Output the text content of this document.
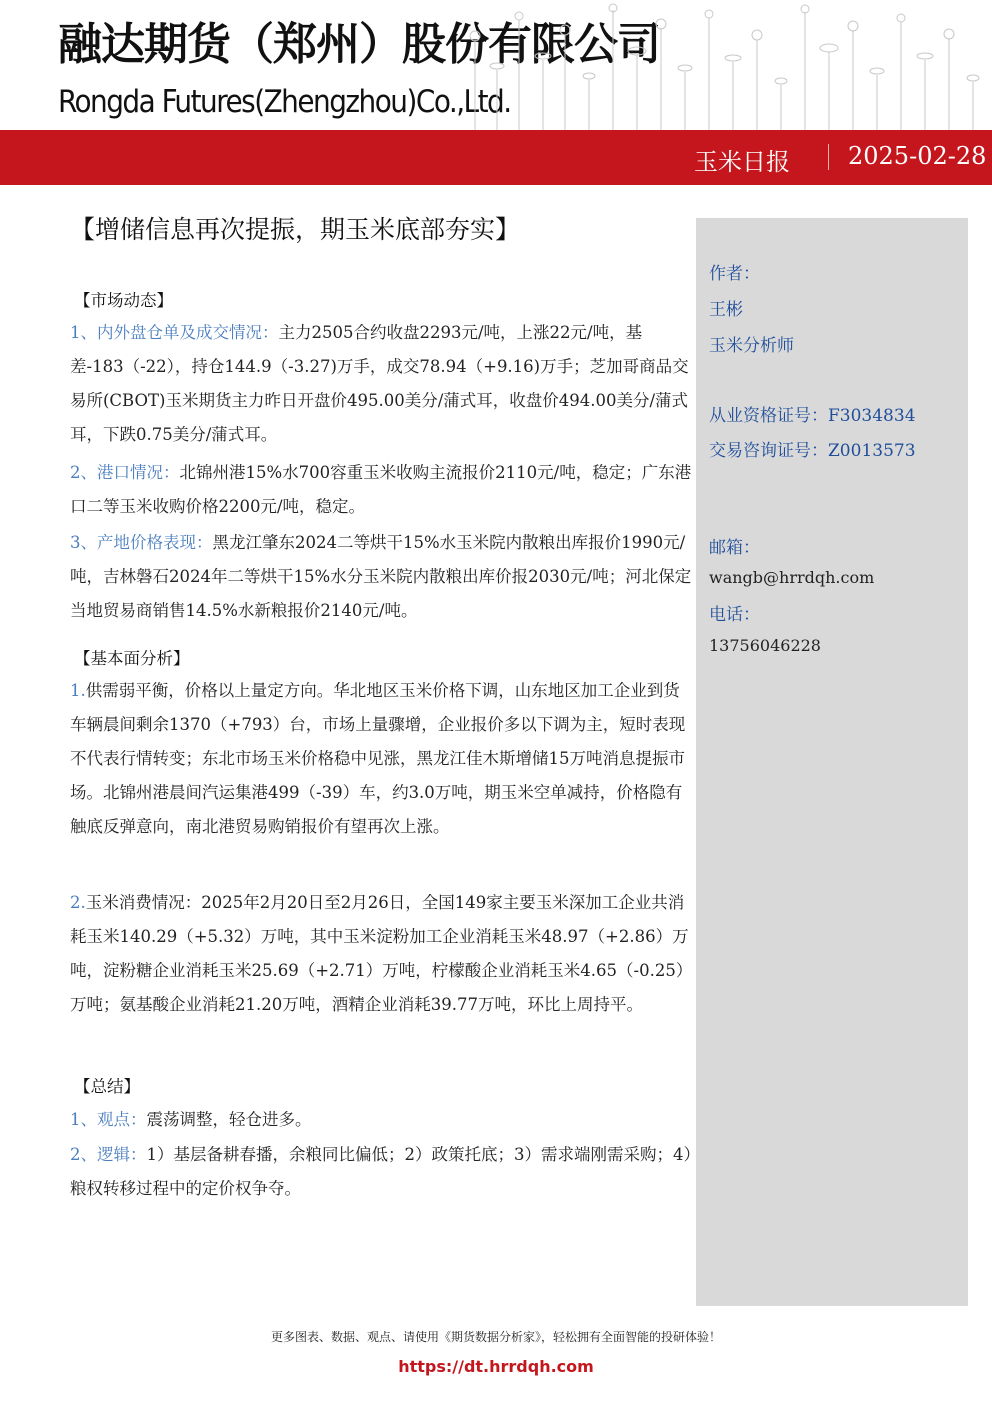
融达期货（郑州）股份有限公司
Rongda Futures(Zhengzhou)Co.,Ltd.
玉米日报 2025-02-28
作者：
王彬
玉米分析师
从业资格证号：F3034834
交易咨询证号：Z0013573
邮箱：
wangb@hrrdqh.com
电话：
13756046228
【增储信息再次提振，期玉米底部夯实】
【市场动态】
1、内外盘仓单及成交情况：主力2505合约收盘2293元/吨，上涨22元/吨，基差-183（-22），持仓144.9（-3.27)万手，成交78.94（+9.16)万手；芝加哥商品交易所(CBOT)玉米期货主力昨日开盘价495.00美分/蒲式耳，收盘价494.00美分/蒲式耳，下跌0.75美分/蒲式耳。
2、港口情况：北锦州港15%水700容重玉米收购主流报价2110元/吨，稳定；广东港口二等玉米收购价格2200元/吨，稳定。
3、产地价格表现：黑龙江肇东2024二等烘干15%水玉米院内散粮出库报价1990元/吨，吉林磐石2024年二等烘干15%水分玉米院内散粮出库价报2030元/吨；河北保定当地贸易商销售14.5%水新粮报价2140元/吨。
【基本面分析】
1.供需弱平衡，价格以上量定方向。华北地区玉米价格下调，山东地区加工企业到货车辆晨间剩余1370（+793）台，市场上量骤增，企业报价多以下调为主，短时表现不代表行情转变；东北市场玉米价格稳中见涨，黑龙江佳木斯增储15万吨消息提振市场。北锦州港晨间汽运集港499（-39）车，约3.0万吨，期玉米空单减持，价格隐有触底反弹意向，南北港贸易购销报价有望再次上涨。
2.玉米消费情况：2025年2月20日至2月26日，全国149家主要玉米深加工企业共消耗玉米140.29（+5.32）万吨，其中玉米淀粉加工企业消耗玉米48.97（+2.86）万吨，淀粉糖企业消耗玉米25.69（+2.71）万吨，柠檬酸企业消耗玉米4.65（-0.25）万吨；氨基酸企业消耗21.20万吨，酒精企业消耗39.77万吨，环比上周持平。
【总结】
1、观点：震荡调整，轻仓进多。
2、逻辑：1）基层备耕春播，余粮同比偏低；2）政策托底；3）需求端刚需采购；4）粮权转移过程中的定价权争夺。
更多图表、数据、观点、请使用《期货数据分析家》，轻松拥有全面智能的投研体验！
https://dt.hrrdqh.com
